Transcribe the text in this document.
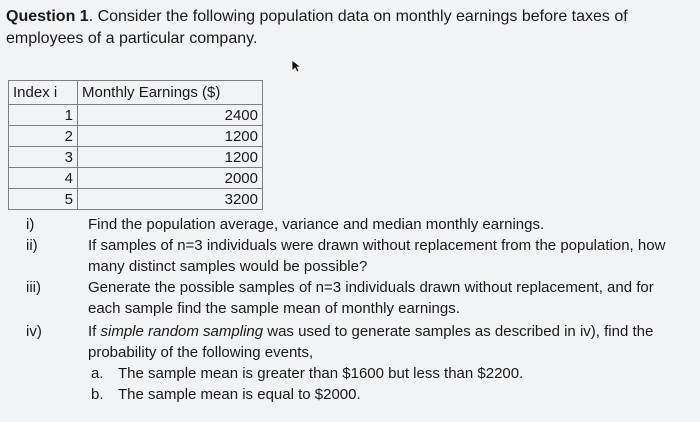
Question 1. Consider the following population data on monthly earnings before taxes of employees of a particular company.
Index i	Monthly Earnings ($)
1	2400
2	1200
3	1200
4	2000
5	3200
i)	Find the population average, variance and median monthly earnings.
ii)	If samples of n=3 individuals were drawn without replacement from the population, how many distinct samples would be possible?
iii)	Generate the possible samples of n=3 individuals drawn without replacement, and for each sample find the sample mean of monthly earnings.
iv)	If simple random sampling was used to generate samples as described in iv), find the probability of the following events,
a. The sample mean is greater than $1600 but less than $2200.
b. The sample mean is equal to $2000.
